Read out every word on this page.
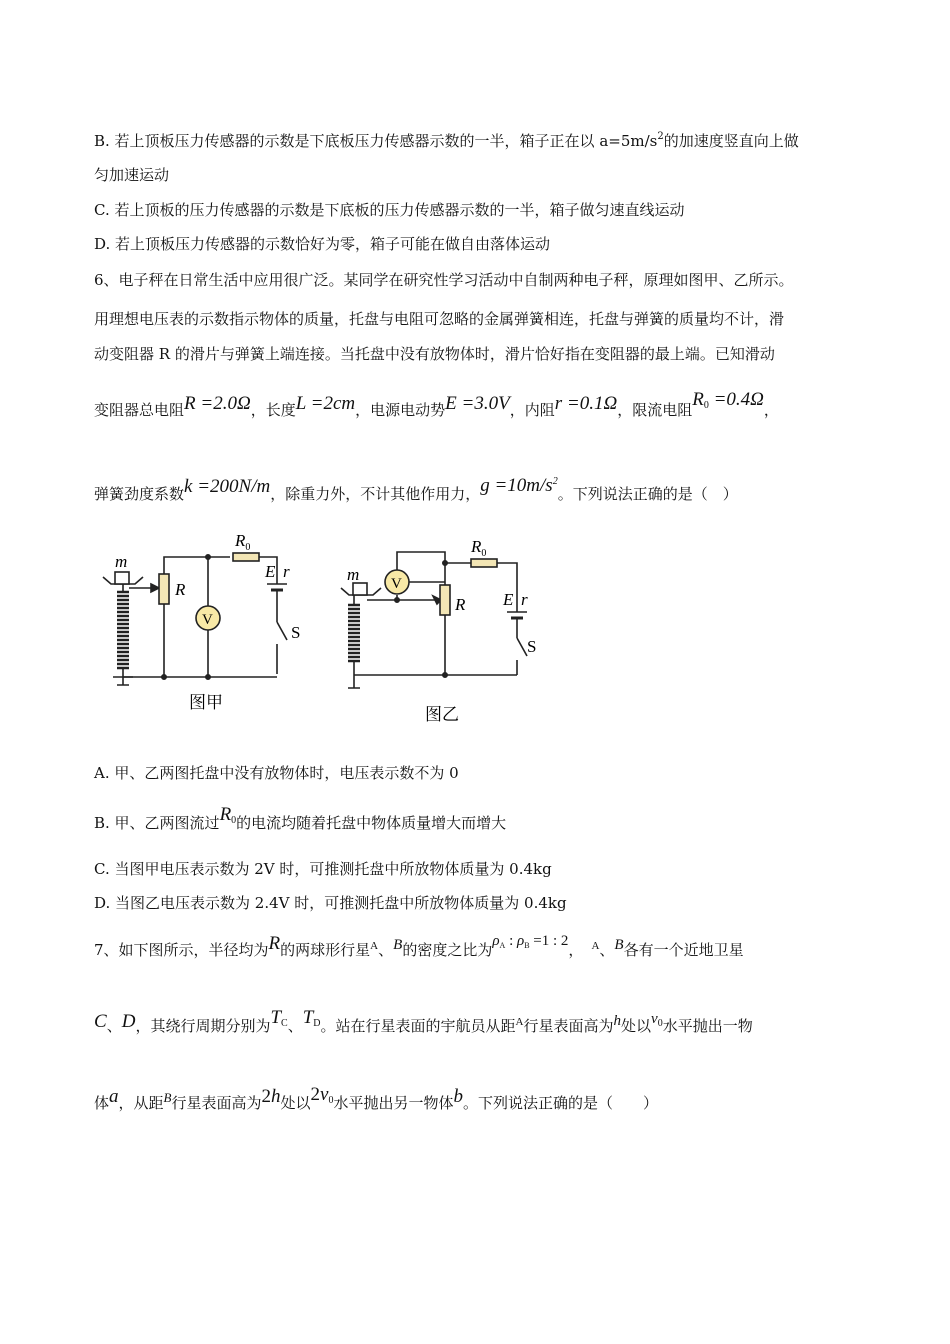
B. 若上顶板压力传感器的示数是下底板压力传感器示数的一半，箱子正在以 $a=5m/s^2$的加速度竖直向上做
匀加速运动
C. 若上顶板的压力传感器的示数是下底板的压力传感器示数的一半，箱子做匀速直线运动
D. 若上顶板压力传感器的示数恰好为零，箱子可能在做自由落体运动
6、电子秤在日常生活中应用很广泛。某同学在研究性学习活动中自制两种电子秤，原理如图甲、乙所示。
用理想电压表的示数指示物体的质量，托盘与电阻可忽略的金属弹簧相连，托盘与弹簧的质量均不计，滑
动变阻器 R 的滑片与弹簧上端连接。当托盘中没有放物体时，滑片恰好指在变阻器的最上端。已知滑动
变阻器总电阻R =2.0Ω，长度L =2cm，电源电动势E =3.0V，内阻r =0.1Ω，限流电阻$R_0 =0.4\Omega$，
弹簧劲度系数k =200N/m，除重力外，不计其他作用力，$g =10m/s^2$。下列说法正确的是（　）
m
R
$R_0$
V
E r
S
图甲
m
R
$R_0$
V
E r
S
图乙
A. 甲、乙两图托盘中没有放物体时，电压表示数不为 0
B. 甲、乙两图流过$R_0$的电流均随着托盘中物体质量增大而增大
C. 当图甲电压表示数为 2V 时，可推测托盘中所放物体质量为 0.4kg
D. 当图乙电压表示数为 2.4V 时，可推测托盘中所放物体质量为 0.4kg
7、如下图所示，半径均为R的两球形行星$^A$、B的密度之比为$\rho_A$ : $\rho_B =1$ : 2， $^A$、B各有一个近地卫星
C、D，其绕行周期分别为$T_C$、$T_D$。站在行星表面的宇航员从距$^A$行星表面高为h处以$v_0$水平抛出一物
体a，从距B行星表面高为2h处以$2v_0$水平抛出另一物体b。下列说法正确的是（　　）
